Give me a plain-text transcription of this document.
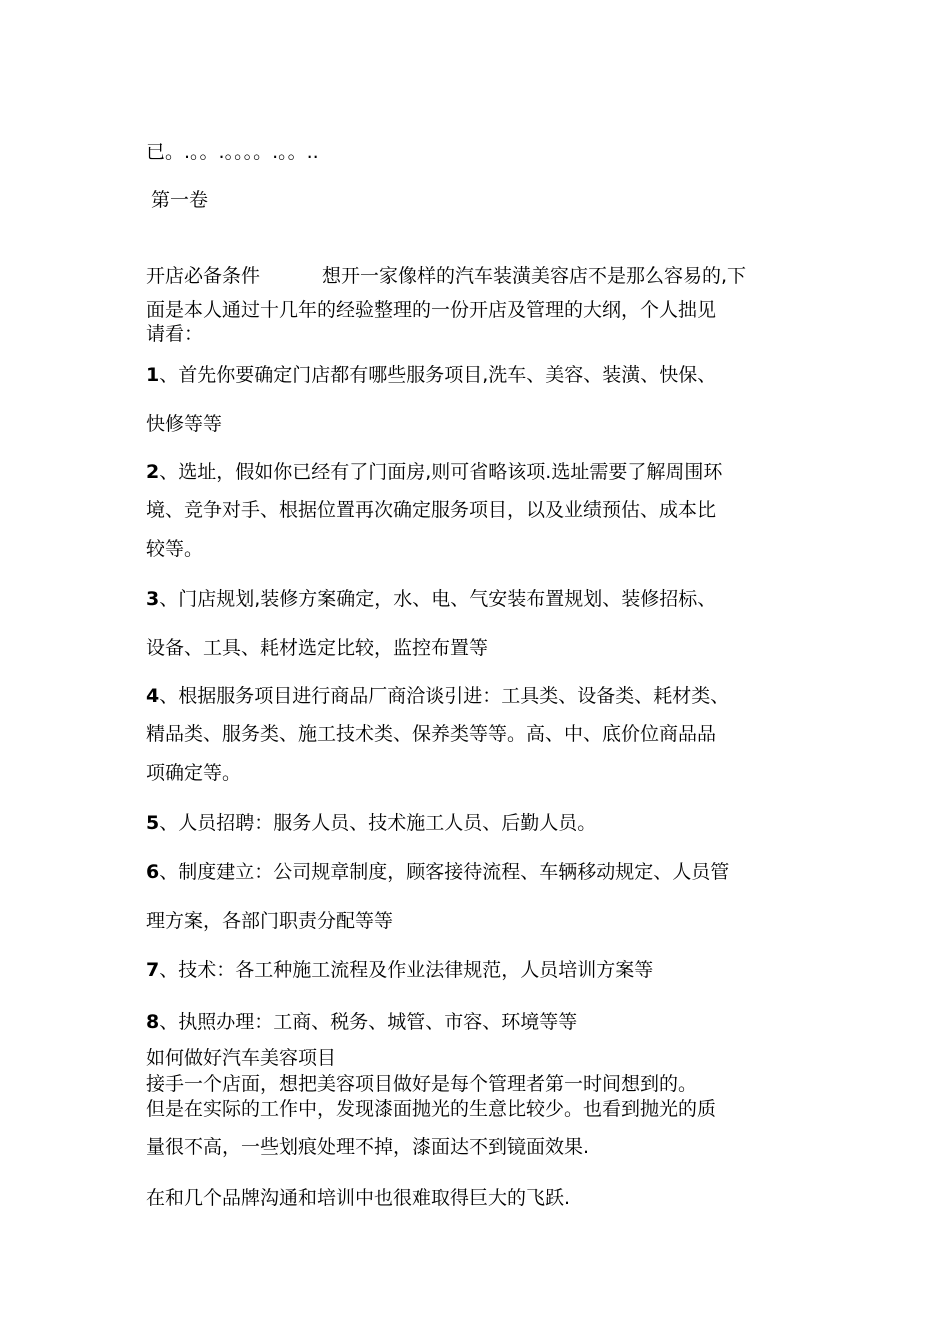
已。.。。.。。。。.。。..
第一卷
开店必备条件	想开一家像样的汽车装潢美容店不是那么容易的,下
面是本人通过十几年的经验整理的一份开店及管理的大纲，个人拙见
请看：
1、首先你要确定门店都有哪些服务项目,洗车、美容、装潢、快保、
快修等等
2、选址，假如你已经有了门面房,则可省略该项.选址需要了解周围环
境、竞争对手、根据位置再次确定服务项目，以及业绩预估、成本比
较等。
3、门店规划,装修方案确定，水、电、气安装布置规划、装修招标、
设备、工具、耗材选定比较，监控布置等
4、根据服务项目进行商品厂商洽谈引进：工具类、设备类、耗材类、
精品类、服务类、施工技术类、保养类等等。高、中、底价位商品品
项确定等。
5、人员招聘：服务人员、技术施工人员、后勤人员。
6、制度建立：公司规章制度，顾客接待流程、车辆移动规定、人员管
理方案，各部门职责分配等等
7、技术：各工种施工流程及作业法律规范，人员培训方案等
8、执照办理：工商、税务、城管、市容、环境等等
如何做好汽车美容项目
接手一个店面，想把美容项目做好是每个管理者第一时间想到的。
但是在实际的工作中，发现漆面抛光的生意比较少。也看到抛光的质
量很不高，一些划痕处理不掉，漆面达不到镜面效果.
在和几个品牌沟通和培训中也很难取得巨大的飞跃.
